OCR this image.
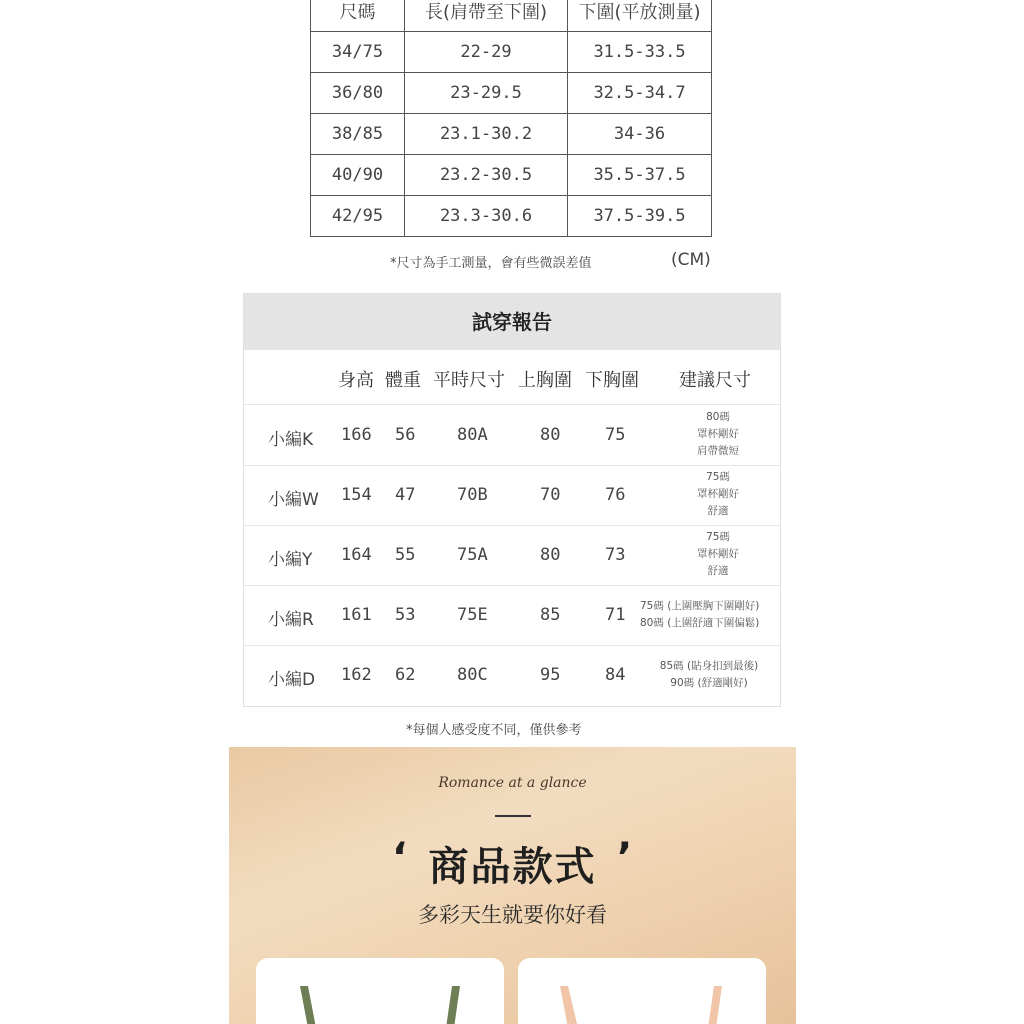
尺碼	長(肩帶至下圍)	下圍(平放測量)
34/75	22-29	31.5-33.5
36/80	23-29.5	32.5-34.7
38/85	23.1-30.2	34-36
40/90	23.2-30.5	35.5-37.5
42/95	23.3-30.6	37.5-39.5
*尺寸為手工測量，會有些微誤差值	(CM)
試穿報告
身高 體重 平時尺寸 上胸圍 下胸圍 建議尺寸
小編K 166 56 80A	80	75
80碼
罩杯剛好
肩帶微短
小編W 154 47 70B	70	76
75碼
罩杯剛好
舒適
小編Y 164 55 75A	80	73
75碼
罩杯剛好
舒適
小編R 161 53 75E	85	71 75碼 (上圍壓胸下圍剛好)
80碼 (上圍舒適下圍偏鬆)
小編D 162 62 80C	95	84	85碼 (貼身扣到最後)
90碼 (舒適剛好)
*每個人感受度不同，僅供參考
Romance at a glance
‘ 商品款式 ’
多彩天生就要你好看
